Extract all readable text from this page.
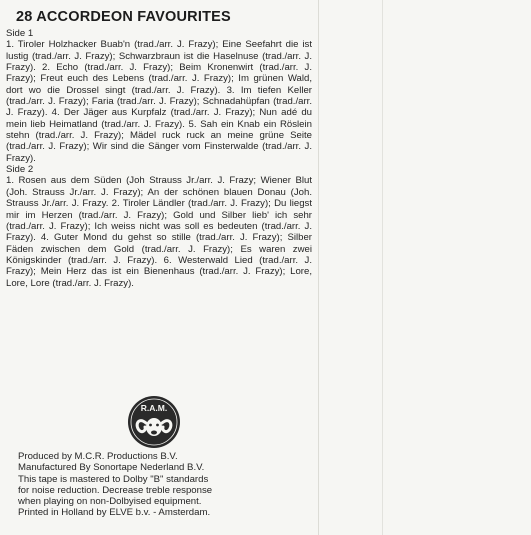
28 ACCORDEON FAVOURITES
Side 1
1. Tiroler Holzhacker Buab'n (trad./arr. J. Frazy); Eine Seefahrt die ist lustig (trad./arr. J. Frazy); Schwarzbraun ist die Haselnuse (trad./arr. J. Frazy). 2. Echo (trad./arr. J. Frazy); Beim Kronenwirt (trad./arr. J. Frazy); Freut euch des Lebens (trad./arr. J. Frazy); Im grünen Wald, dort wo die Drossel singt (trad./arr. J. Frazy). 3. Im tiefen Keller (trad./arr. J. Frazy); Faria (trad./arr. J. Frazy); Schnadahüpfan (trad./arr. J. Frazy). 4. Der Jäger aus Kurpfalz (trad./arr. J. Frazy); Nun adé du mein lieb Heimatland (trad./arr. J. Frazy). 5. Sah ein Knab ein Röslein stehn (trad./arr. J. Frazy); Mädel ruck ruck an meine grüne Seite (trad./arr. J. Frazy); Wir sind die Sänger vom Finsterwalde (trad./arr. J. Frazy).
Side 2
1. Rosen aus dem Süden (Joh Strauss Jr./arr. J. Frazy; Wiener Blut (Joh. Strauss Jr./arr. J. Frazy); An der schönen blauen Donau (Joh. Strauss Jr./arr. J. Frazy. 2. Tiroler Ländler (trad./arr. J. Frazy); Du liegst mir im Herzen (trad./arr. J. Frazy); Gold und Silber lieb' ich sehr (trad./arr. J. Frazy); Ich weiss nicht was soll es bedeuten (trad./arr. J. Frazy). 4. Guter Mond du gehst so stille (trad./arr. J. Frazy); Silber Fäden zwischen dem Gold (trad./arr. J. Frazy); Es waren zwei Königskinder (trad./arr. J. Frazy). 6. Westerwald Lied (trad./arr. J. Frazy); Mein Herz das ist ein Bienenhaus (trad./arr. J. Frazy); Lore, Lore, Lore (trad./arr. J. Frazy).
R.A.M.
Produced by M.C.R. Productions B.V.
Manufactured By Sonortape Nederland B.V.
This tape is mastered to Dolby "B" standards
for noise reduction. Decrease treble response
when playing on non-Dolbyised equipment.
Printed in Holland by ELVE b.v. - Amsterdam.
